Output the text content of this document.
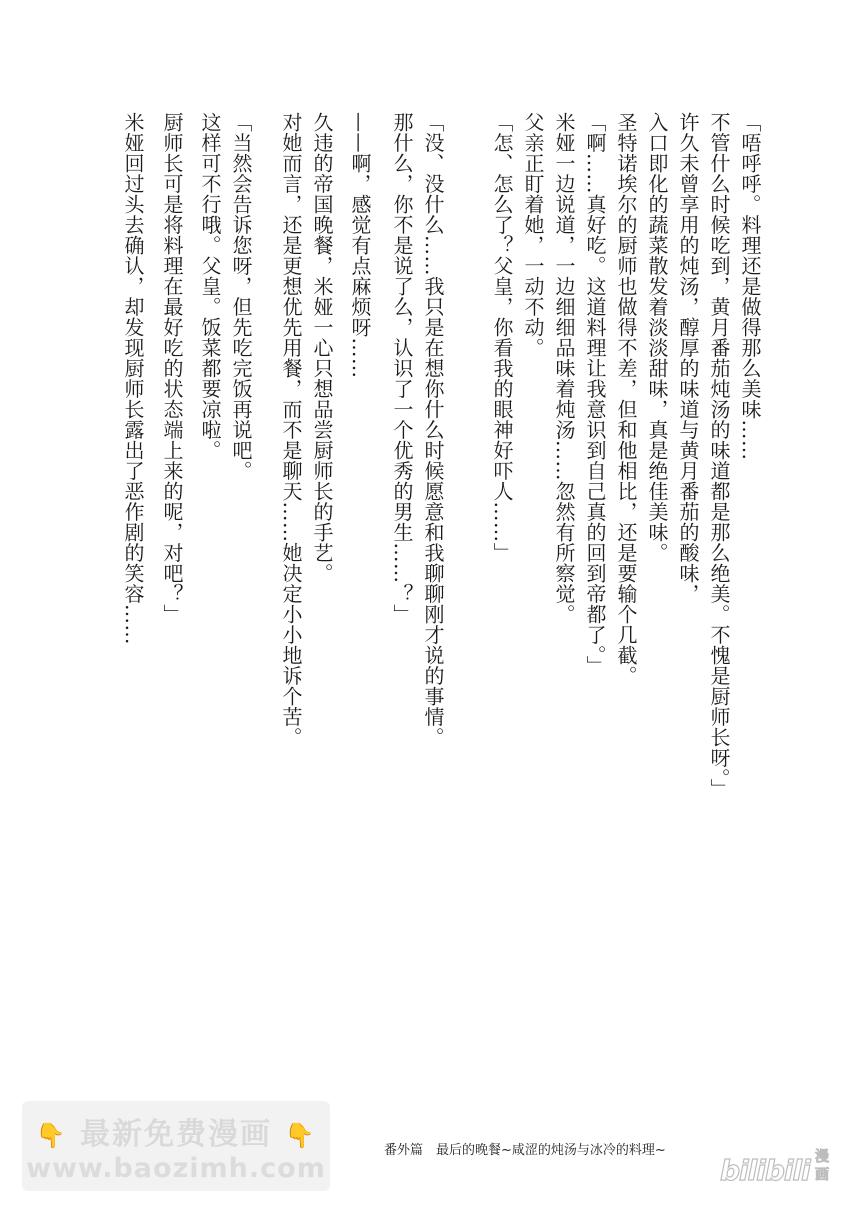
「唔呼呼。料理还是做得那么美味……
不管什么时候吃到，黄月番茄炖汤的味道都是那么绝美。不愧是厨师长呀。」
许久未曾享用的炖汤，醇厚的味道与黄月番茄的酸味，
入口即化的蔬菜散发着淡淡甜味，真是绝佳美味。
圣特诺埃尔的厨师也做得不差，但和他相比，还是要输个几截。
「啊……真好吃。这道料理让我意识到自己真的回到帝都了。」
米娅一边说道，一边细细品味着炖汤……忽然有所察觉。
父亲正盯着她，一动不动。
「怎、怎么了？父皇，你看我的眼神好吓人……」
「没、没什么……我只是在想你什么时候愿意和我聊聊刚才说的事情。
那什么，你不是说了么，认识了一个优秀的男生……？」
——啊，感觉有点麻烦呀……
久违的帝国晚餐，米娅一心只想品尝厨师长的手艺。
对她而言，还是更想优先用餐，而不是聊天……她决定小小地诉个苦。
「当然会告诉您呀，但先吃完饭再说吧。
这样可不行哦。父皇。饭菜都要凉啦。
厨师长可是将料理在最好吃的状态端上来的呢，对吧？」
米娅回过头去确认，却发现厨师长露出了恶作剧的笑容……
👇 最新免费漫画 👇
www.baozimh.com
番外篇　最后的晚餐~咸涩的炖汤与冰冷的料理~
bilibili 漫画
